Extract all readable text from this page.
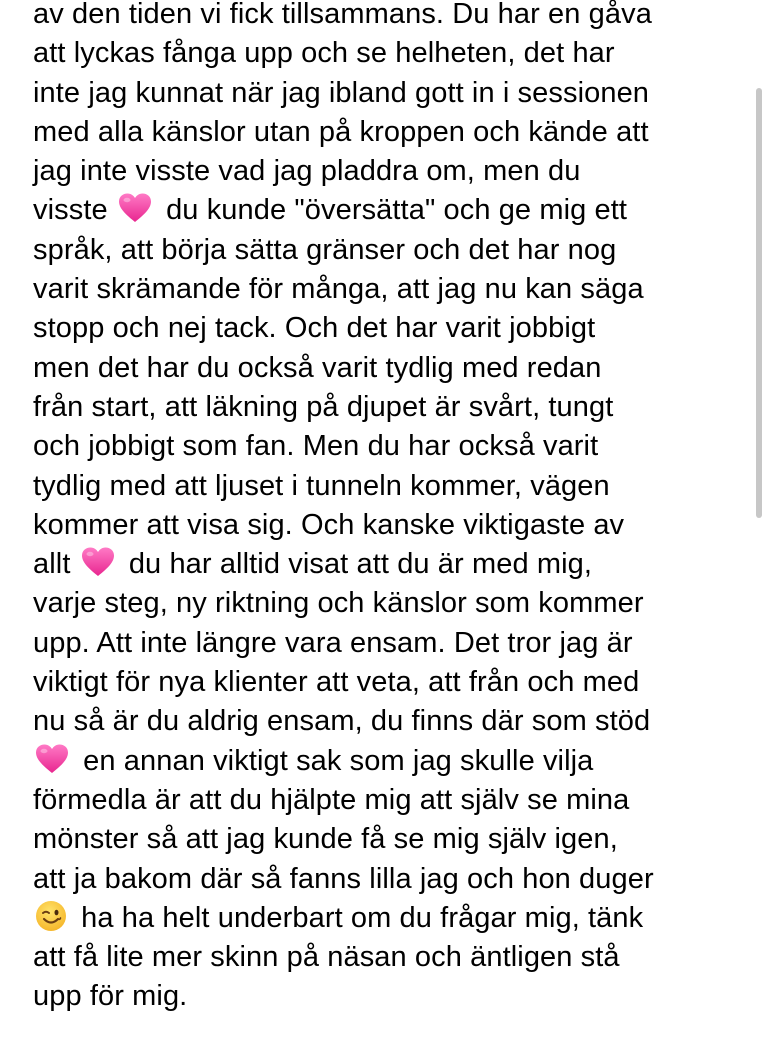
av den tiden vi fick tillsammans. Du har en gåva
att lyckas fånga upp och se helheten, det har
inte jag kunnat när jag ibland gott in i sessionen
med alla känslor utan på kroppen och kände att
jag inte visste vad jag pladdra om, men du
visste du kunde "översätta" och ge mig ett
språk, att börja sätta gränser och det har nog
varit skrämande för många, att jag nu kan säga
stopp och nej tack. Och det har varit jobbigt
men det har du också varit tydlig med redan
från start, att läkning på djupet är svårt, tungt
och jobbigt som fan. Men du har också varit
tydlig med att ljuset i tunneln kommer, vägen
kommer att visa sig. Och kanske viktigaste av
allt du har alltid visat att du är med mig,
varje steg, ny riktning och känslor som kommer
upp. Att inte längre vara ensam. Det tror jag är
viktigt för nya klienter att veta, att från och med
nu så är du aldrig ensam, du finns där som stöd
en annan viktigt sak som jag skulle vilja
förmedla är att du hjälpte mig att själv se mina
mönster så att jag kunde få se mig själv igen,
att ja bakom där så fanns lilla jag och hon duger
ha ha helt underbart om du frågar mig, tänk
att få lite mer skinn på näsan och äntligen stå
upp för mig.
